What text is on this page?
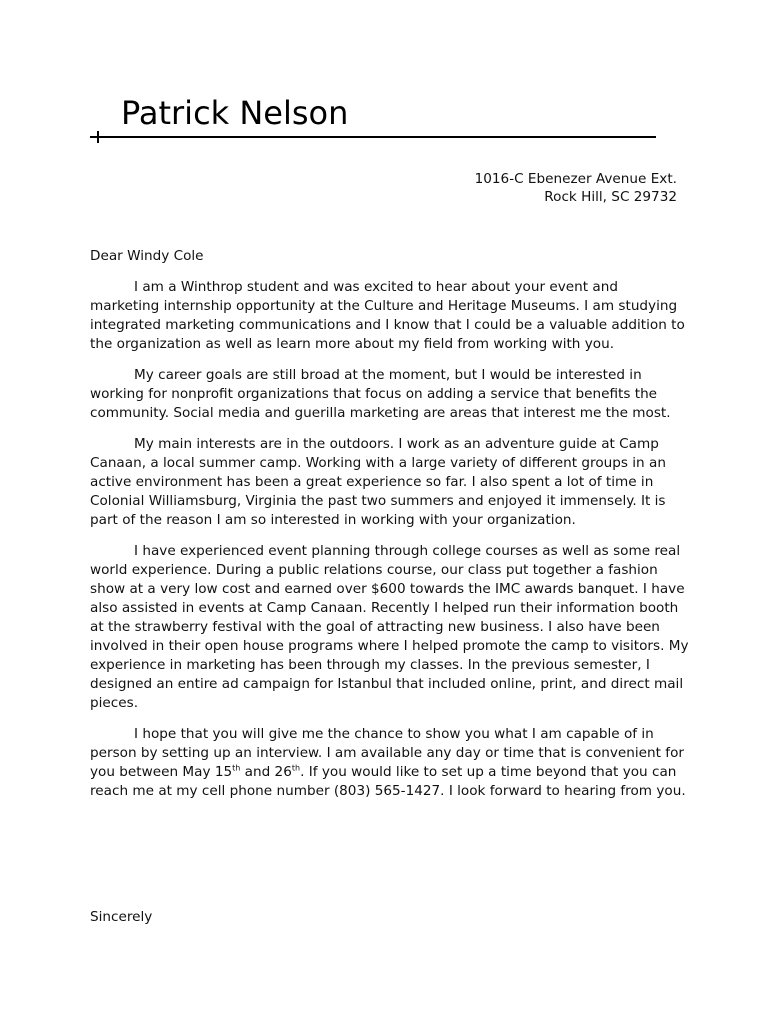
Patrick Nelson
1016-C Ebenezer Avenue Ext.
Rock Hill, SC 29732

Dear Windy Cole

I am a Winthrop student and was excited to hear about your event and marketing internship opportunity at the Culture and Heritage Museums. I am studying integrated marketing communications and I know that I could be a valuable addition to the organization as well as learn more about my field from working with you.

My career goals are still broad at the moment, but I would be interested in working for nonprofit organizations that focus on adding a service that benefits the community. Social media and guerilla marketing are areas that interest me the most.

My main interests are in the outdoors. I work as an adventure guide at Camp Canaan, a local summer camp. Working with a large variety of different groups in an active environment has been a great experience so far. I also spent a lot of time in Colonial Williamsburg, Virginia the past two summers and enjoyed it immensely. It is part of the reason I am so interested in working with your organization.

I have experienced event planning through college courses as well as some real world experience. During a public relations course, our class put together a fashion show at a very low cost and earned over $600 towards the IMC awards banquet. I have also assisted in events at Camp Canaan. Recently I helped run their information booth at the strawberry festival with the goal of attracting new business. I also have been involved in their open house programs where I helped promote the camp to visitors. My experience in marketing has been through my classes. In the previous semester, I designed an entire ad campaign for Istanbul that included online, print, and direct mail pieces.

I hope that you will give me the chance to show you what I am capable of in person by setting up an interview. I am available any day or time that is convenient for you between May 15th and 26th. If you would like to set up a time beyond that you can reach me at my cell phone number (803) 565-1427. I look forward to hearing from you.

Sincerely
